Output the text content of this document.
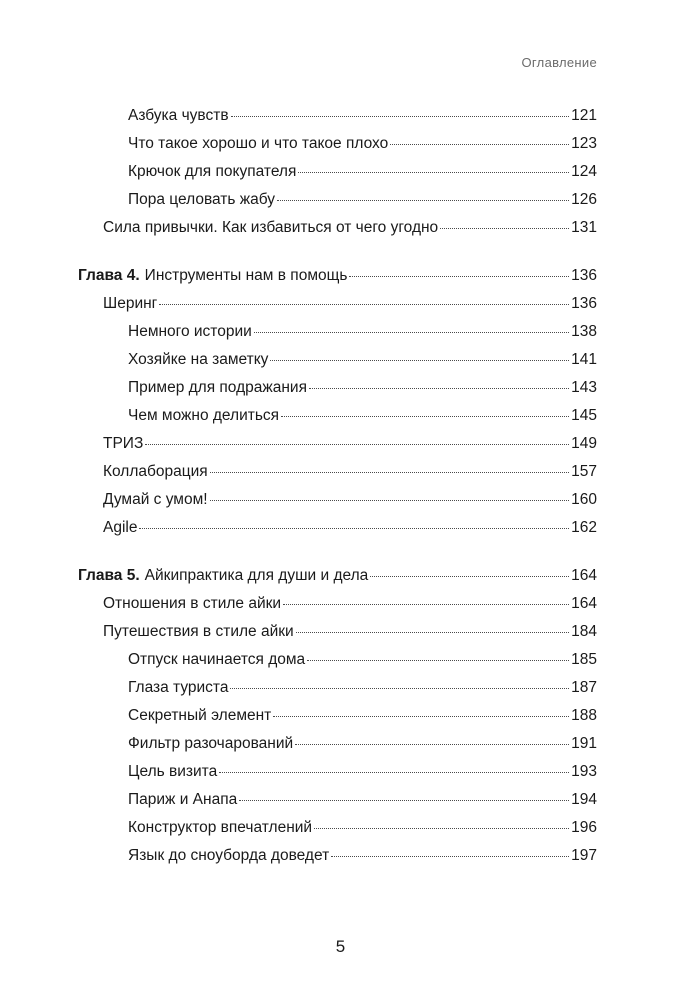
Оглавление
Азбука чувств	121
Что такое хорошо и что такое плохо	123
Крючок для покупателя	124
Пора целовать жабу	126
Сила привычки. Как избавиться от чего угодно	131
Глава 4. Инструменты нам в помощь	136
Шеринг	136
Немного истории	138
Хозяйке на заметку	141
Пример для подражания	143
Чем можно делиться	145
ТРИЗ	149
Коллаборация	157
Думай с умом!	160
Agile	162
Глава 5. Айкипрактика для души и дела	164
Отношения в стиле айки	164
Путешествия в стиле айки	184
Отпуск начинается дома	185
Глаза туриста	187
Секретный элемент	188
Фильтр разочарований	191
Цель визита	193
Париж и Анапа	194
Конструктор впечатлений	196
Язык до сноуборда доведет	197
5
